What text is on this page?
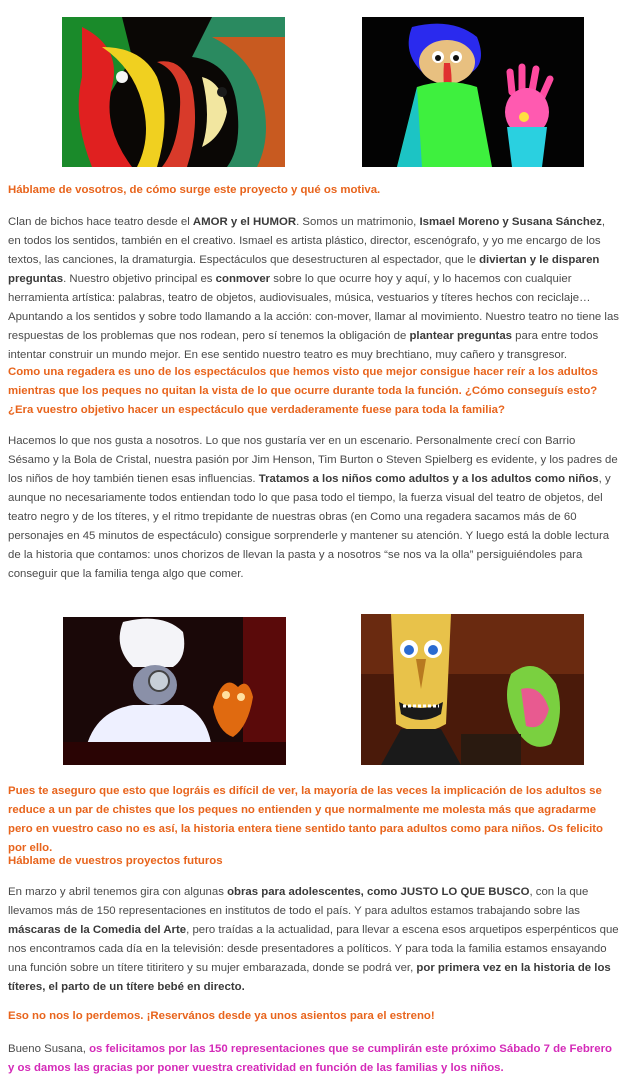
Háblame de vosotros, de cómo surge este proyecto y qué os motiva.

Clan de bichos hace teatro desde el AMOR y el HUMOR. Somos un matrimonio, Ismael Moreno y Susana Sánchez, en todos los sentidos, también en el creativo. Ismael es artista plástico, director, escenógrafo, y yo me encargo de los textos, las canciones, la dramaturgia. Espectáculos que desestructuren al espectador, que le diviertan y le disparen preguntas. Nuestro objetivo principal es conmover sobre lo que ocurre hoy y aquí, y lo hacemos con cualquier herramienta artística: palabras, teatro de objetos, audiovisuales, música, vestuarios y títeres hechos con reciclaje… Apuntando a los sentidos y sobre todo llamando a la acción: con-mover, llamar al movimiento. Nuestro teatro no tiene las respuestas de los problemas que nos rodean, pero sí tenemos la obligación de plantear preguntas para entre todos intentar construir un mundo mejor. En ese sentido nuestro teatro es muy brechtiano, muy cañero y transgresor.

Como una regadera es uno de los espectáculos que hemos visto que mejor consigue hacer reír a los adultos mientras que los peques no quitan la vista de lo que ocurre durante toda la función. ¿Cómo conseguís esto? ¿Era vuestro objetivo hacer un espectáculo que verdaderamente fuese para toda la familia?

Hacemos lo que nos gusta a nosotros. Lo que nos gustaría ver en un escenario. Personalmente crecí con Barrio Sésamo y la Bola de Cristal, nuestra pasión por Jim Henson, Tim Burton o Steven Spielberg es evidente, y los padres de los niños de hoy también tienen esas influencias. Tratamos a los niños como adultos y a los adultos como niños, y aunque no necesariamente todos entiendan todo lo que pasa todo el tiempo, la fuerza visual del teatro de objetos, del teatro negro y de los títeres, y el ritmo trepidante de nuestras obras (en Como una regadera sacamos más de 60 personajes en 45 minutos de espectáculo) consigue sorprenderle y mantener su atención. Y luego está la doble lectura de la historia que contamos: unos chorizos de llevan la pasta y a nosotros “se nos va la olla” persiguiéndoles para conseguir que la familia tenga algo que comer.

Pues te aseguro que esto que lográis es difícil de ver, la mayoría de las veces la implicación de los adultos se reduce a un par de chistes que los peques no entienden y que normalmente me molesta más que agradarme pero en vuestro caso no es así, la historia entera tiene sentido tanto para adultos como para niños. Os felicito por ello.

Háblame de vuestros proyectos futuros

En marzo y abril tenemos gira con algunas obras para adolescentes, como JUSTO LO QUE BUSCO, con la que llevamos más de 150 representaciones en institutos de todo el país. Y para adultos estamos trabajando sobre las máscaras de la Comedia del Arte, pero traídas a la actualidad, para llevar a escena esos arquetipos esperpénticos que nos encontramos cada día en la televisión: desde presentadores a políticos. Y para toda la familia estamos ensayando una función sobre un títere titiritero y su mujer embarazada, donde se podrá ver, por primera vez en la historia de los títeres, el parto de un títere bebé en directo.

Eso no nos lo perdemos. ¡Reservános desde ya unos asientos para el estreno!

Bueno Susana, os felicitamos por las 150 representaciones que se cumplirán este próximo Sábado 7 de Febrero y os damos las gracias por poner vuestra creatividad en función de las familias y los niños.
